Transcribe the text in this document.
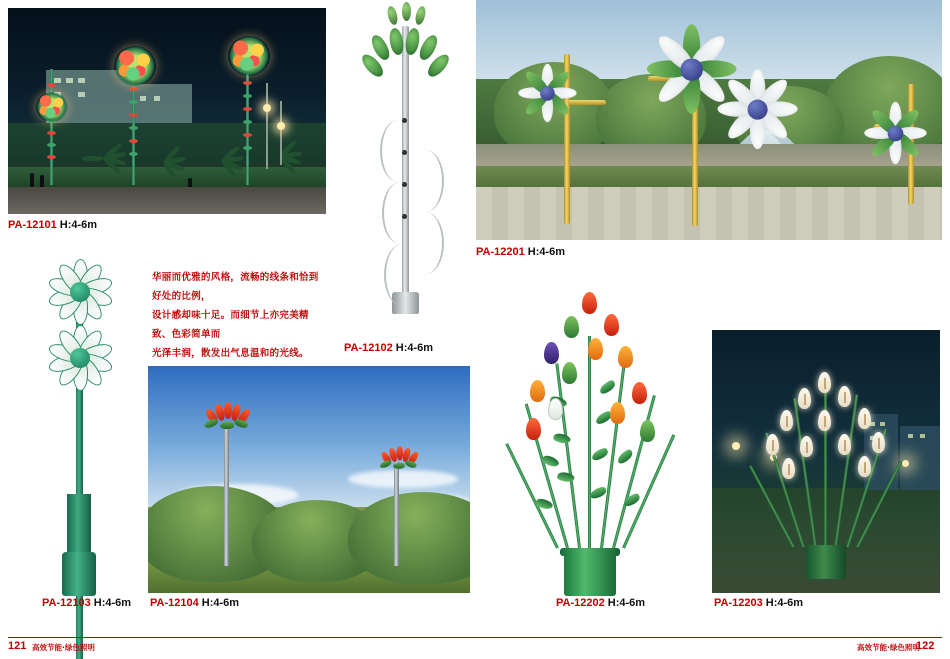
PA-12101 H:4-6m
PA-12102 H:4-6m
PA-12201 H:4-6m
PA-12103 H:4-6m PA-12104 H:4-6m	PA-12202 H:4-6m	PA-12203 H:4-6m

华丽而优雅的风格，流畅的线条和恰到好处的比例，

设计感却味十足。而细节上亦完美精致、色彩简单而

光泽丰润，散发出气息温和的光线。

121 高效节能·绿色照明	高效节能·绿色照明
122
